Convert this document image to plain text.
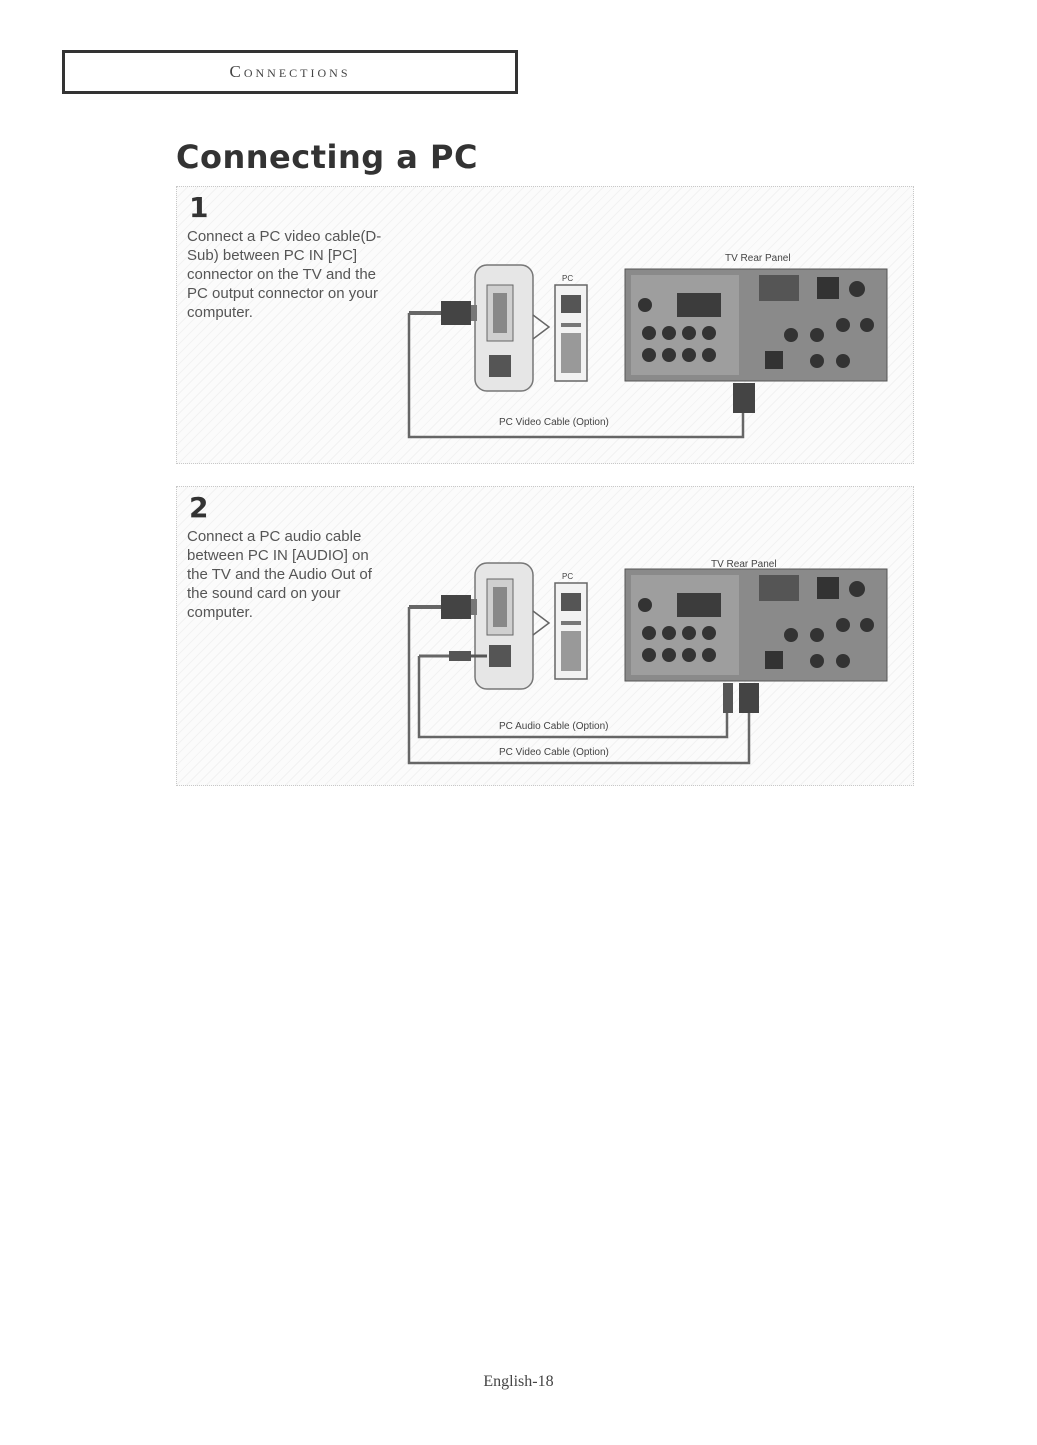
Connections
Connecting a PC
1
Connect a PC video cable(D-Sub) between PC IN [PC] connector on the TV and the PC output connector on your computer.
PC
TV Rear Panel
PC Video Cable (Option)
2
Connect a PC audio cable between PC IN [AUDIO] on the TV and the Audio Out of the sound card on your computer.
PC
TV Rear Panel
PC Audio Cable (Option)
PC Video Cable (Option)
English-18
